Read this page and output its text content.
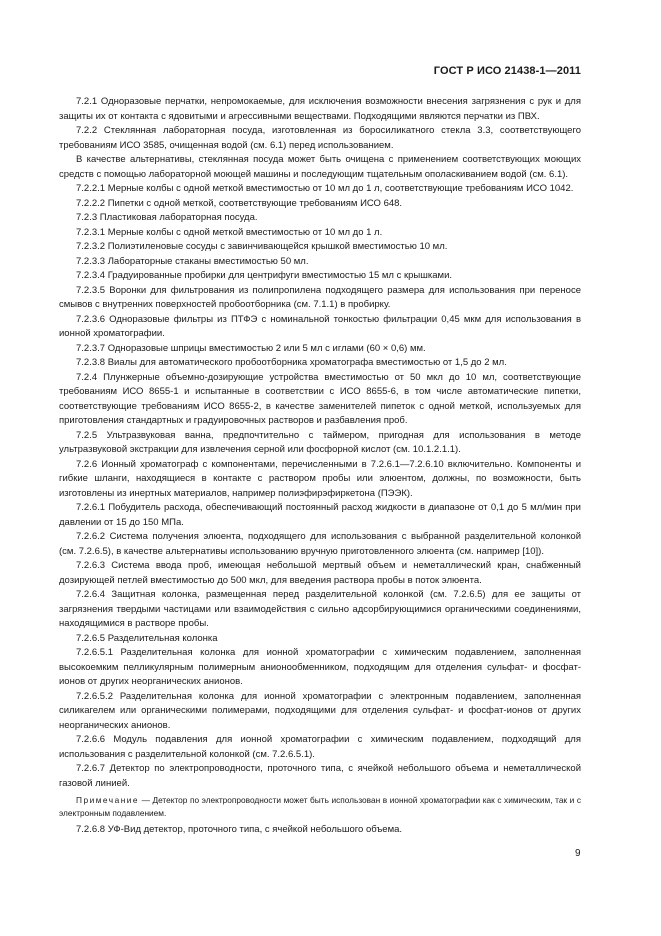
ГОСТ Р ИСО 21438-1—2011

7.2.1 Одноразовые перчатки, непромокаемые, для исключения возможности внесения загрязнения с рук и для защиты их от контакта с ядовитыми и агрессивными веществами. Подходящими являются перчатки из ПВХ.

7.2.2 Стеклянная лабораторная посуда, изготовленная из боросиликатного стекла 3.3, соответствующего требованиям ИСО 3585, очищенная водой (см. 6.1) перед использованием.

В качестве альтернативы, стеклянная посуда может быть очищена с применением соответствующих моющих средств с помощью лабораторной моющей машины и последующим тщательным ополаскиванием водой (см. 6.1).

7.2.2.1 Мерные колбы с одной меткой вместимостью от 10 мл до 1 л, соответствующие требованиям ИСО 1042.

7.2.2.2 Пипетки с одной меткой, соответствующие требованиям ИСО 648.

7.2.3 Пластиковая лабораторная посуда.

7.2.3.1 Мерные колбы с одной меткой вместимостью от 10 мл до 1 л.

7.2.3.2 Полиэтиленовые сосуды с завинчивающейся крышкой вместимостью 10 мл.

7.2.3.3 Лабораторные стаканы вместимостью 50 мл.

7.2.3.4 Градуированные пробирки для центрифуги вместимостью 15 мл с крышками.

7.2.3.5 Воронки для фильтрования из полипропилена подходящего размера для использования при переносе смывов с внутренних поверхностей пробоотборника (см. 7.1.1) в пробирку.

7.2.3.6 Одноразовые фильтры из ПТФЭ с номинальной тонкостью фильтрации 0,45 мкм для использования в ионной хроматографии.

7.2.3.7 Одноразовые шприцы вместимостью 2 или 5 мл с иглами (60 × 0,6) мм.

7.2.3.8 Виалы для автоматического пробоотборника хроматографа вместимостью от 1,5 до 2 мл.

7.2.4 Плунжерные объемно-дозирующие устройства вместимостью от 50 мкл до 10 мл, соответствующие требованиям ИСО 8655-1 и испытанные в соответствии с ИСО 8655-6, в том числе автоматические пипетки, соответствующие требованиям ИСО 8655-2, в качестве заменителей пипеток с одной меткой, используемых для приготовления стандартных и градуировочных растворов и разбавления проб.

7.2.5 Ультразвуковая ванна, предпочтительно с таймером, пригодная для использования в методе ультразвуковой экстракции для извлечения серной или фосфорной кислот (см. 10.1.2.1.1).

7.2.6 Ионный хроматограф с компонентами, перечисленными в 7.2.6.1—7.2.6.10 включительно. Компоненты и гибкие шланги, находящиеся в контакте с раствором пробы или элюентом, должны, по возможности, быть изготовлены из инертных материалов, например полиэфирэфиркетона (ПЭЭК).

7.2.6.1 Побудитель расхода, обеспечивающий постоянный расход жидкости в диапазоне от 0,1 до 5 мл/мин при давлении от 15 до 150 МПа.

7.2.6.2 Система получения элюента, подходящего для использования с выбранной разделительной колонкой (см. 7.2.6.5), в качестве альтернативы использованию вручную приготовленного элюента (см. например [10]).

7.2.6.3 Система ввода проб, имеющая небольшой мертвый объем и неметаллический кран, снабженный дозирующей петлей вместимостью до 500 мкл, для введения раствора пробы в поток элюента.

7.2.6.4 Защитная колонка, размещенная перед разделительной колонкой (см. 7.2.6.5) для ее защиты от загрязнения твердыми частицами или взаимодействия с сильно адсорбирующимися органическими соединениями, находящимися в растворе пробы.

7.2.6.5 Разделительная колонка

7.2.6.5.1 Разделительная колонка для ионной хроматографии с химическим подавлением, заполненная высокоемким пелликулярным полимерным анионообменником, подходящим для отделения сульфат- и фосфат-ионов от других неорганических анионов.

7.2.6.5.2 Разделительная колонка для ионной хроматографии с электронным подавлением, заполненная силикагелем или органическими полимерами, подходящими для отделения сульфат- и фосфат-ионов от других неорганических анионов.

7.2.6.6 Модуль подавления для ионной хроматографии с химическим подавлением, подходящий для использования с разделительной колонкой (см. 7.2.6.5.1).

7.2.6.7 Детектор по электропроводности, проточного типа, с ячейкой небольшого объема и неметаллической газовой линией.

Примечание — Детектор по электропроводности может быть использован в ионной хроматографии как с химическим, так и с электронным подавлением.

7.2.6.8 УФ-Вид детектор, проточного типа, с ячейкой небольшого объема.

9
